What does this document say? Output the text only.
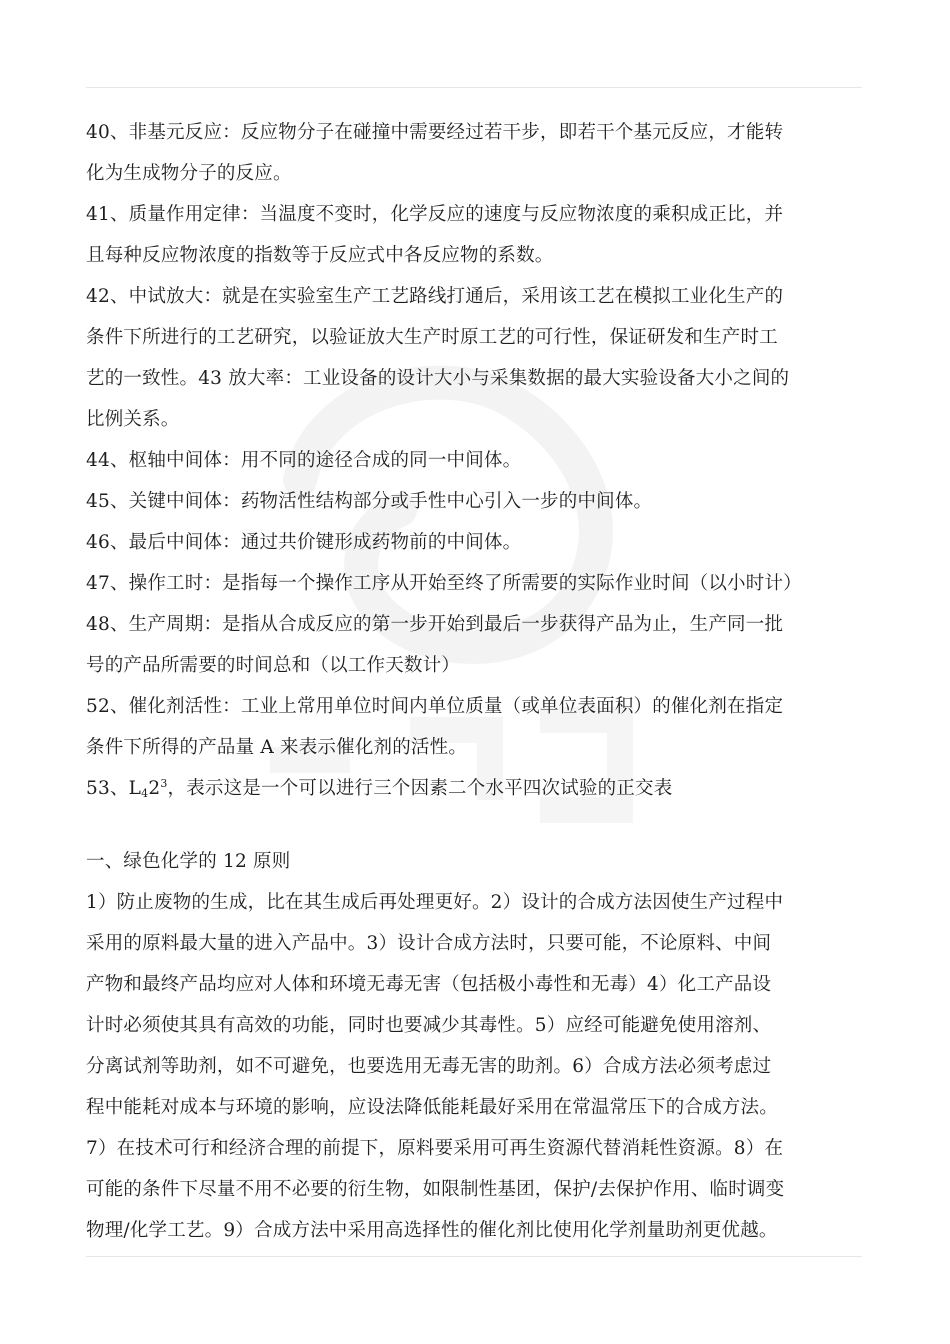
40、非基元反应：反应物分子在碰撞中需要经过若干步，即若干个基元反应，才能转
化为生成物分子的反应。
41、质量作用定律：当温度不变时，化学反应的速度与反应物浓度的乘积成正比，并
且每种反应物浓度的指数等于反应式中各反应物的系数。
42、中试放大：就是在实验室生产工艺路线打通后，采用该工艺在模拟工业化生产的
条件下所进行的工艺研究，以验证放大生产时原工艺的可行性，保证研发和生产时工
艺的一致性。43 放大率：工业设备的设计大小与采集数据的最大实验设备大小之间的
比例关系。
44、枢轴中间体：用不同的途径合成的同一中间体。
45、关键中间体：药物活性结构部分或手性中心引入一步的中间体。
46、最后中间体：通过共价键形成药物前的中间体。
47、操作工时：是指每一个操作工序从开始至终了所需要的实际作业时间（以小时计）
48、生产周期：是指从合成反应的第一步开始到最后一步获得产品为止，生产同一批
号的产品所需要的时间总和（以工作天数计）
52、催化剂活性：工业上常用单位时间内单位质量（或单位表面积）的催化剂在指定
条件下所得的产品量 A 来表示催化剂的活性。
53、$L_42^3$，表示这是一个可以进行三个因素二个水平四次试验的正交表
一、绿色化学的 12 原则
1）防止废物的生成，比在其生成后再处理更好。2）设计的合成方法因使生产过程中
采用的原料最大量的进入产品中。3）设计合成方法时，只要可能，不论原料、中间
产物和最终产品均应对人体和环境无毒无害（包括极小毒性和无毒）4）化工产品设
计时必须使其具有高效的功能，同时也要减少其毒性。5）应经可能避免使用溶剂、
分离试剂等助剂，如不可避免，也要选用无毒无害的助剂。6）合成方法必须考虑过
程中能耗对成本与环境的影响，应设法降低能耗最好采用在常温常压下的合成方法。
7）在技术可行和经济合理的前提下，原料要采用可再生资源代替消耗性资源。8）在
可能的条件下尽量不用不必要的衍生物，如限制性基团，保护/去保护作用、临时调变
物理/化学工艺。9）合成方法中采用高选择性的催化剂比使用化学剂量助剂更优越。
